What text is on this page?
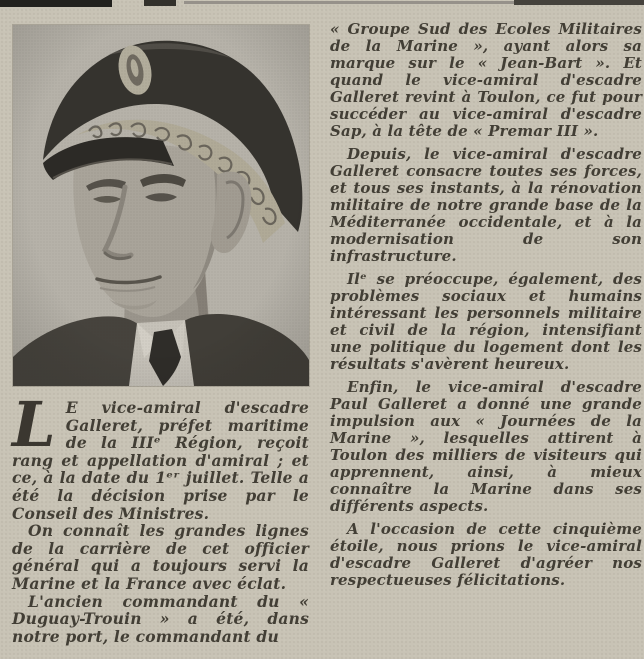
L E vice-amiral d'escadre Galleret, préfet maritime de la IIIᵉ Région, reçoit rang et appellation d'amiral ; et ce, à la date du 1ᵉʳ juillet. Telle a été la décision prise par le Conseil des Ministres.

On connaît les grandes lignes de la carrière de cet officier général qui a toujours servi la Marine et la France avec éclat.

L'ancien commandant du « Duguay-Trouin » a été, dans notre port, le commandant du

« Groupe Sud des Ecoles Militaires de la Marine », ayant alors sa marque sur le « Jean-Bart ». Et quand le vice-amiral d'escadre Galleret revint à Toulon, ce fut pour succéder au vice-amiral d'escadre Sap, à la tête de « Premar III ».

Depuis, le vice-amiral d'escadre Galleret consacre toutes ses forces, et tous ses instants, à la rénovation militaire de notre grande base de la Méditerranée occidentale, et à la modernisation de son infrastructure.

Ilᵉ se préoccupe, également, des problèmes sociaux et humains intéressant les personnels militaire et civil de la région, intensifiant une politique du logement dont les résultats s'avèrent heureux.

Enfin, le vice-amiral d'escadre Paul Galleret a donné une grande impulsion aux « Journées de la Marine », lesquelles attirent à Toulon des milliers de visiteurs qui apprennent, ainsi, à mieux connaître la Marine dans ses différents aspects.

A l'occasion de cette cinquième étoile, nous prions le vice-amiral d'escadre Galleret d'agréer nos respectueuses félicitations.
